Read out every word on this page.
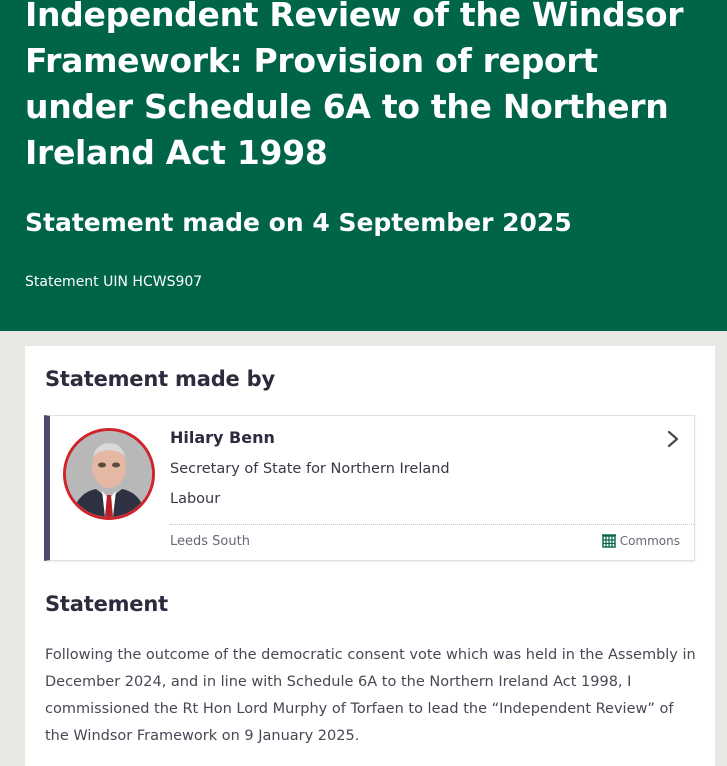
Independent Review of the Windsor Framework: Provision of report under Schedule 6A to the Northern Ireland Act 1998
Statement made on 4 September 2025
Statement UIN HCWS907
Statement made by
Hilary Benn
Secretary of State for Northern Ireland
Labour
Leeds South	Commons
Statement

Following the outcome of the democratic consent vote which was held in the Assembly in December 2024, and in line with Schedule 6A to the Northern Ireland Act 1998, I commissioned the Rt Hon Lord Murphy of Torfaen to lead the “Independent Review” of the Windsor Framework on 9 January 2025.
